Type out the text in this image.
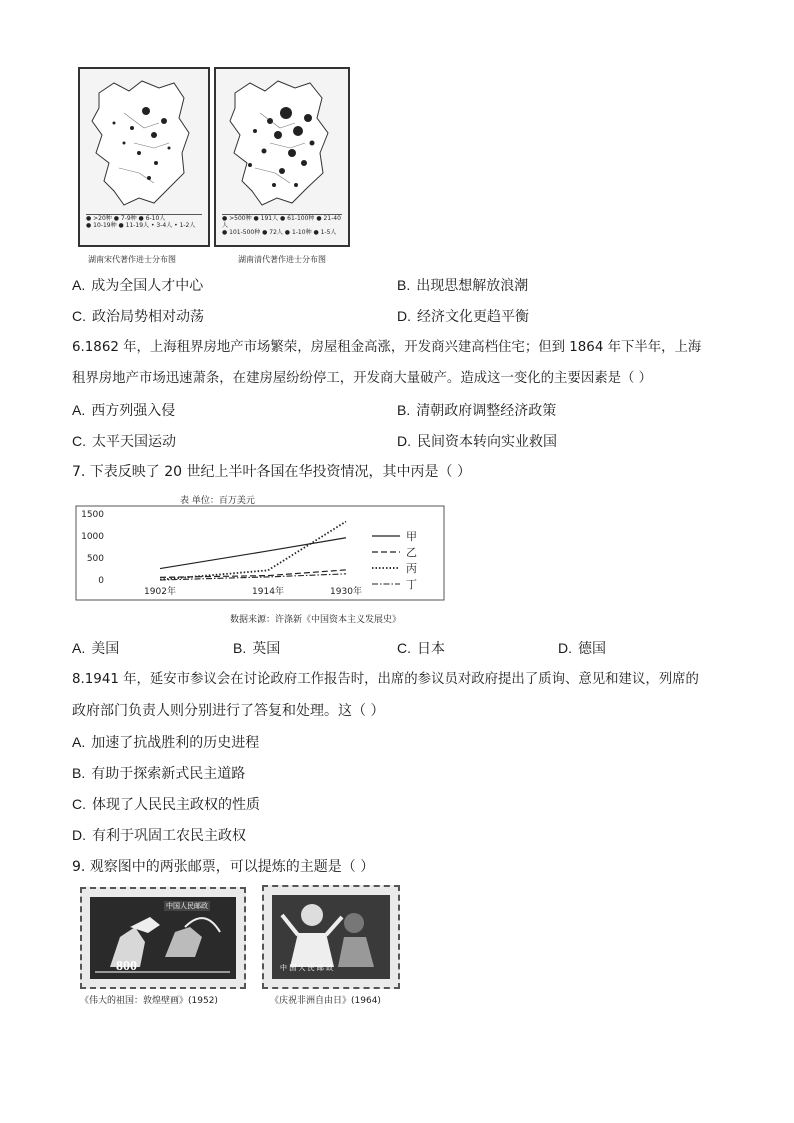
● >20种 ● 7-9种 ● 6-10人
● 10-19种 ● 11-19人 • 3-4人 • 1-2人
湖南宋代著作进士分布图
● >500种 ● 191人 ● 61-100种 ● 21-40人
● 101-500种 ● 72人 ● 1-10种 ● 1-5人
湖南清代著作进士分布图
A. 成为全国人才中心	B. 出现思想解放浪潮
C. 政治局势相对动荡	D. 经济文化更趋平衡
6.1862 年，上海租界房地产市场繁荣，房屋租金高涨，开发商兴建高档住宅；但到 1864 年下半年，上海
租界房地产市场迅速萧条，在建房屋纷纷停工，开发商大量破产。造成这一变化的主要因素是（ ）
A. 西方列强入侵	B. 清朝政府调整经济政策
C. 太平天国运动	D. 民间资本转向实业救国
7. 下表反映了 20 世纪上半叶各国在华投资情况，其中丙是（ ）
表 单位：百万美元
1500
1000
500
0
1902年	1914年	1930年
甲
乙
丙
丁
数据来源：许涤新《中国资本主义发展史》
A. 美国	B. 英国	C. 日本	D. 德国
8.1941 年，延安市参议会在讨论政府工作报告时，出席的参议员对政府提出了质询、意见和建议，列席的
政府部门负责人则分别进行了答复和处理。这（ ）
A. 加速了抗战胜利的历史进程
B. 有助于探索新式民主道路
C. 体现了人民民主政权的性质
D. 有利于巩固工农民主政权
9. 观察图中的两张邮票，可以提炼的主题是（ ）
中国人民邮政
800
《伟大的祖国：敦煌壁画》(1952)
中 国 人 民 邮 政
《庆祝非洲自由日》(1964)
